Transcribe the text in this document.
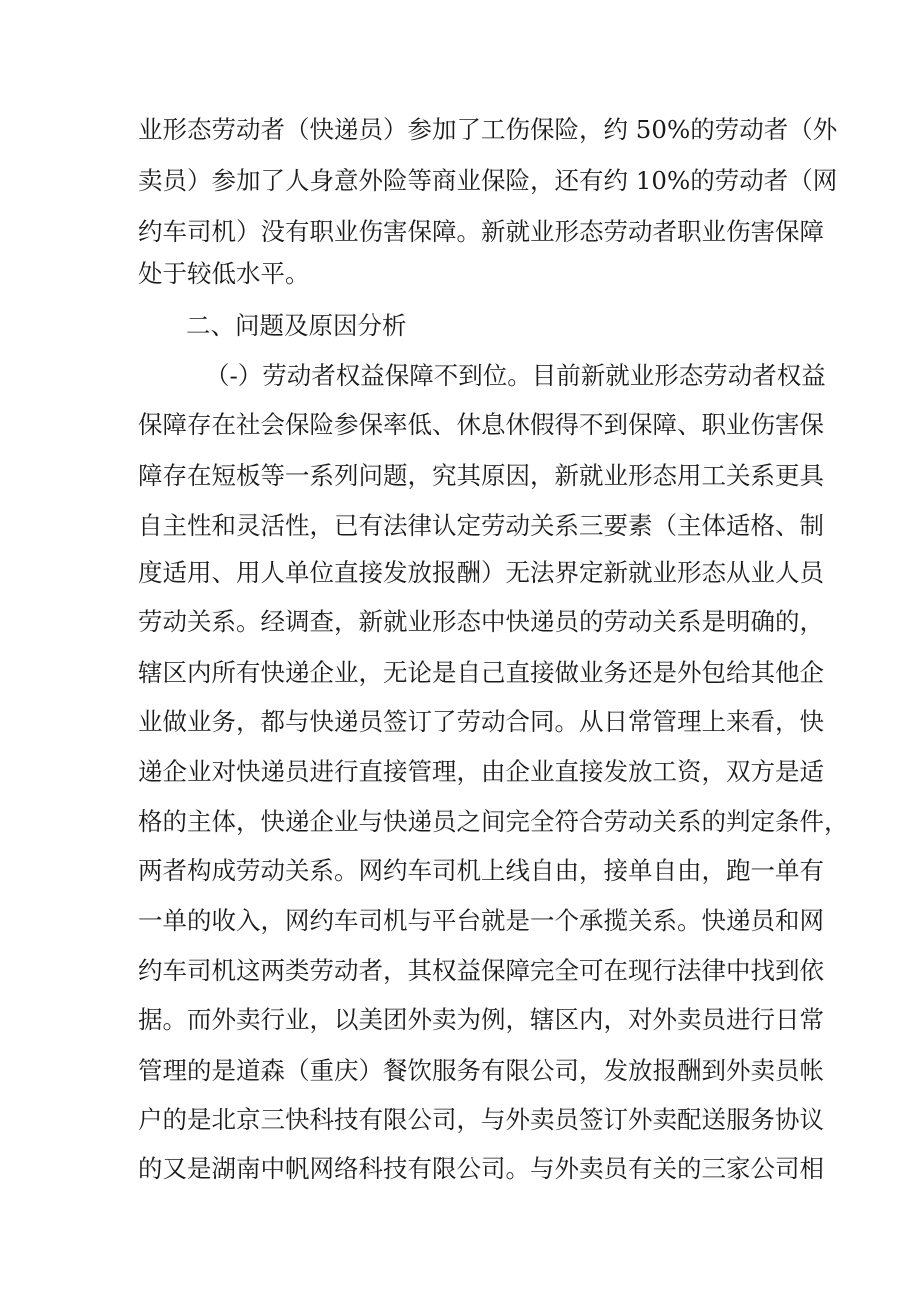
业形态劳动者（快递员）参加了工伤保险，约 50%的劳动者（外
卖员）参加了人身意外险等商业保险，还有约 10%的劳动者（网
约车司机）没有职业伤害保障。新就业形态劳动者职业伤害保障
处于较低水平。
二、问题及原因分析
（-）劳动者权益保障不到位。目前新就业形态劳动者权益
保障存在社会保险参保率低、休息休假得不到保障、职业伤害保
障存在短板等一系列问题，究其原因，新就业形态用工关系更具
自主性和灵活性，已有法律认定劳动关系三要素（主体适格、制
度适用、用人单位直接发放报酬）无法界定新就业形态从业人员
劳动关系。经调查，新就业形态中快递员的劳动关系是明确的，
辖区内所有快递企业，无论是自己直接做业务还是外包给其他企
业做业务，都与快递员签订了劳动合同。从日常管理上来看，快
递企业对快递员进行直接管理，由企业直接发放工资，双方是适
格的主体，快递企业与快递员之间完全符合劳动关系的判定条件，
两者构成劳动关系。网约车司机上线自由，接单自由，跑一单有
一单的收入，网约车司机与平台就是一个承揽关系。快递员和网
约车司机这两类劳动者，其权益保障完全可在现行法律中找到依
据。而外卖行业，以美团外卖为例，辖区内，对外卖员进行日常
管理的是道森（重庆）餐饮服务有限公司，发放报酬到外卖员帐
户的是北京三快科技有限公司，与外卖员签订外卖配送服务协议
的又是湖南中帆网络科技有限公司。与外卖员有关的三家公司相
